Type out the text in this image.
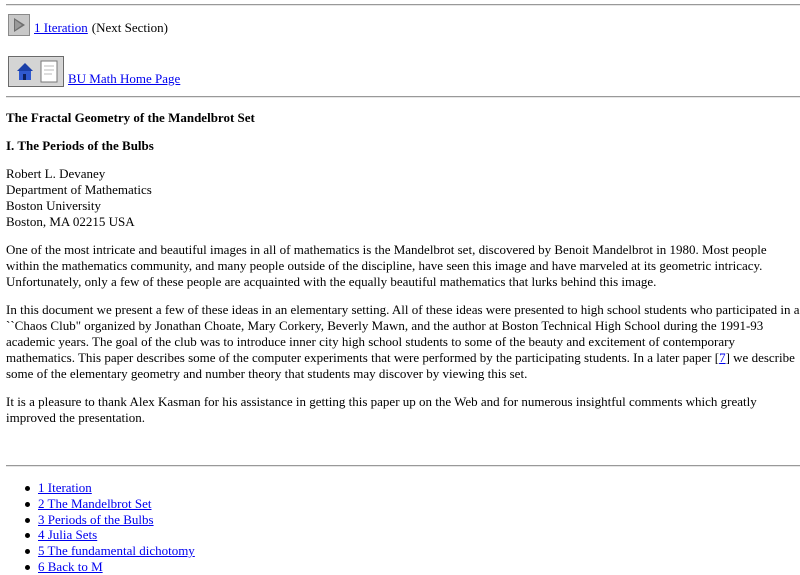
1 Iteration (Next Section)
BU Math Home Page
The Fractal Geometry of the Mandelbrot Set
I. The Periods of the Bulbs
Robert L. Devaney
Department of Mathematics
Boston University
Boston, MA 02215 USA

One of the most intricate and beautiful images in all of mathematics is the Mandelbrot set, discovered by Benoit Mandelbrot in 1980. Most people within the mathematics community, and many people outside of the discipline, have seen this image and have marveled at its geometric intricacy. Unfortunately, only a few of these people are acquainted with the equally beautiful mathematics that lurks behind this image.

In this document we present a few of these ideas in an elementary setting. All of these ideas were presented to high school students who participated in a ``Chaos Club" organized by Jonathan Choate, Mary Corkery, Beverly Mawn, and the author at Boston Technical High School during the 1991-93 academic years. The goal of the club was to introduce inner city high school students to some of the beauty and excitement of contemporary mathematics. This paper describes some of the computer experiments that were performed by the participating students. In a later paper [7] we describe some of the elementary geometry and number theory that students may discover by viewing this set.

It is a pleasure to thank Alex Kasman for his assistance in getting this paper up on the Web and for numerous insightful comments which greatly improved the presentation.

1 Iteration
2 The Mandelbrot Set
3 Periods of the Bulbs
4 Julia Sets
5 The fundamental dichotomy
6 Back to M
